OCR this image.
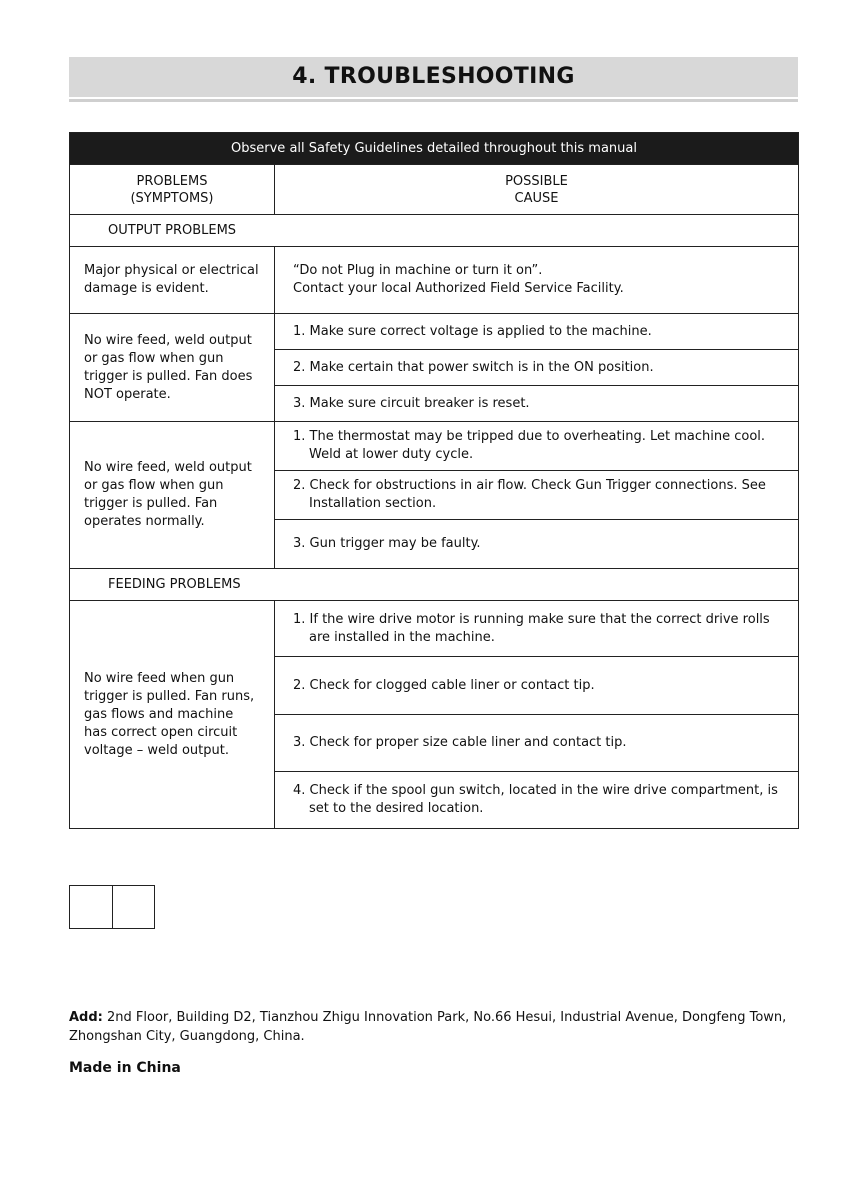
4. TROUBLESHOOTING
Observe all Safety Guidelines detailed throughout this manual	
PROBLEMS
(SYMPTOMS)	POSSIBLE
CAUSE
OUTPUT PROBLEMS	
Major physical or electrical damage is evident.	“Do not Plug in machine or turn it on”.
Contact your local Authorized Field Service Facility.
No wire feed, weld output or gas flow when gun trigger is pulled. Fan does NOT operate.	1. Make sure correct voltage is applied to the machine.
	2. Make certain that power switch is in the ON position.
	3. Make sure circuit breaker is reset.
No wire feed, weld output or gas flow when gun trigger is pulled. Fan operates normally.	1. The thermostat may be tripped due to overheating. Let machine cool.
Weld at lower duty cycle.

	2. Check for obstructions in air flow. Check Gun Trigger connections. See
Installation section.

	3. Gun trigger may be faulty.
FEEDING PROBLEMS	
No wire feed when gun trigger is pulled. Fan runs, gas flows and machine has correct open circuit voltage – weld output.	1. If the wire drive motor is running make sure that the correct drive rolls
are installed in the machine.

	2. Check for clogged cable liner or contact tip.
	3. Check for proper size cable liner and contact tip.
	4. Check if the spool gun switch, located in the wire drive compartment, is
set to the desired location.
Add: 2nd Floor, Building D2, Tianzhou Zhigu Innovation Park, No.66 Hesui, Industrial Avenue, Dongfeng Town, Zhongshan City, Guangdong, China.
Made in China
